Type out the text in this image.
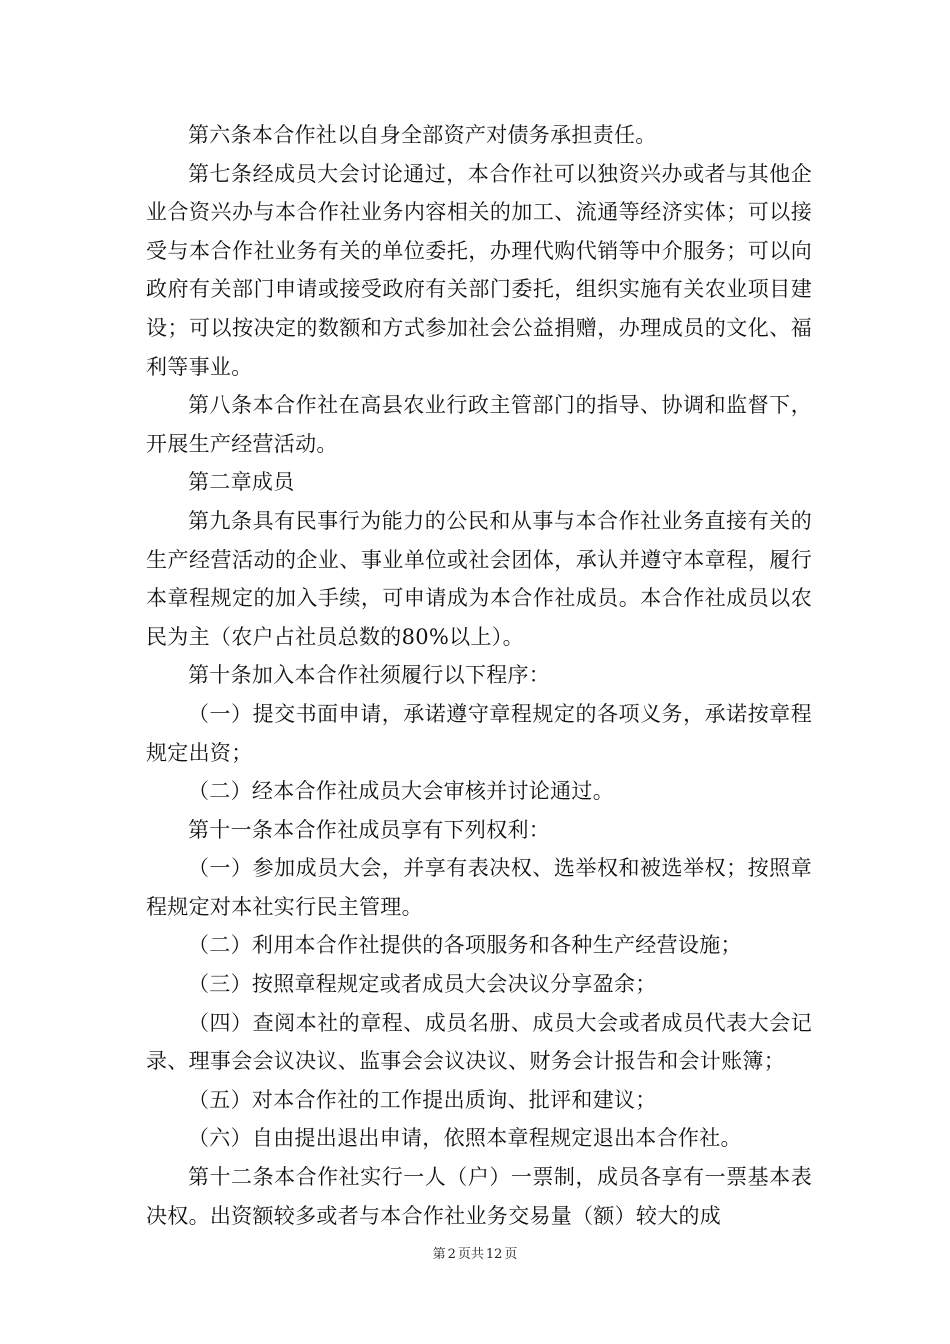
第六条本合作社以自身全部资产对债务承担责任。

第七条经成员大会讨论通过，本合作社可以独资兴办或者与其他企业合资兴办与本合作社业务内容相关的加工、流通等经济实体；可以接受与本合作社业务有关的单位委托，办理代购代销等中介服务；可以向政府有关部门申请或接受政府有关部门委托，组织实施有关农业项目建设；可以按决定的数额和方式参加社会公益捐赠，办理成员的文化、福利等事业。

第八条本合作社在高县农业行政主管部门的指导、协调和监督下，开展生产经营活动。

第二章成员

第九条具有民事行为能力的公民和从事与本合作社业务直接有关的生产经营活动的企业、事业单位或社会团体，承认并遵守本章程，履行本章程规定的加入手续，可申请成为本合作社成员。本合作社成员以农民为主（农户占社员总数的80%以上）。

第十条加入本合作社须履行以下程序：

（一）提交书面申请，承诺遵守章程规定的各项义务，承诺按章程规定出资；

（二）经本合作社成员大会审核并讨论通过。

第十一条本合作社成员享有下列权利：

（一）参加成员大会，并享有表决权、选举权和被选举权；按照章程规定对本社实行民主管理。

（二）利用本合作社提供的各项服务和各种生产经营设施；

（三）按照章程规定或者成员大会决议分享盈余；

（四）查阅本社的章程、成员名册、成员大会或者成员代表大会记录、理事会会议决议、监事会会议决议、财务会计报告和会计账簿；

（五）对本合作社的工作提出质询、批评和建议；

（六）自由提出退出申请，依照本章程规定退出本合作社。

第十二条本合作社实行一人（户）一票制，成员各享有一票基本表决权。出资额较多或者与本合作社业务交易量（额）较大的成

第 2 页共 12 页
